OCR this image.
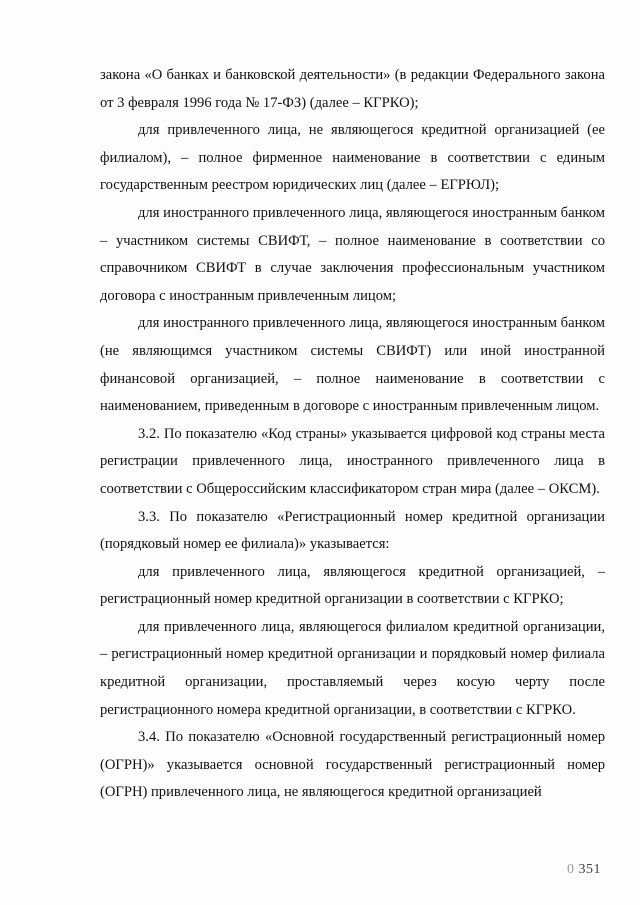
закона «О банках и банковской деятельности» (в редакции Федерального закона от 3 февраля 1996 года № 17-ФЗ) (далее – КГРКО);

для привлеченного лица, не являющегося кредитной организацией (ее филиалом), – полное фирменное наименование в соответствии с единым государственным реестром юридических лиц (далее – ЕГРЮЛ);

для иностранного привлеченного лица, являющегося иностранным банком – участником системы СВИФТ, – полное наименование в соответствии со справочником СВИФТ в случае заключения профессиональным участником договора с иностранным привлеченным лицом;

для иностранного привлеченного лица, являющегося иностранным банком (не являющимся участником системы СВИФТ) или иной иностранной финансовой организацией, – полное наименование в соответствии с наименованием, приведенным в договоре с иностранным привлеченным лицом.

3.2. По показателю «Код страны» указывается цифровой код страны места регистрации привлеченного лица, иностранного привлеченного лица в соответствии с Общероссийским классификатором стран мира (далее – ОКСМ).

3.3. По показателю «Регистрационный номер кредитной организации (порядковый номер ее филиала)» указывается:

для привлеченного лица, являющегося кредитной организацией, – регистрационный номер кредитной организации в соответствии с КГРКО;

для привлеченного лица, являющегося филиалом кредитной организации, – регистрационный номер кредитной организации и порядковый номер филиала кредитной организации, проставляемый через косую черту после регистрационного номера кредитной организации, в соответствии с КГРКО.

3.4. По показателю «Основной государственный регистрационный номер (ОГРН)» указывается основной государственный регистрационный номер (ОГРН) привлеченного лица, не являющегося кредитной организацией

0 351
